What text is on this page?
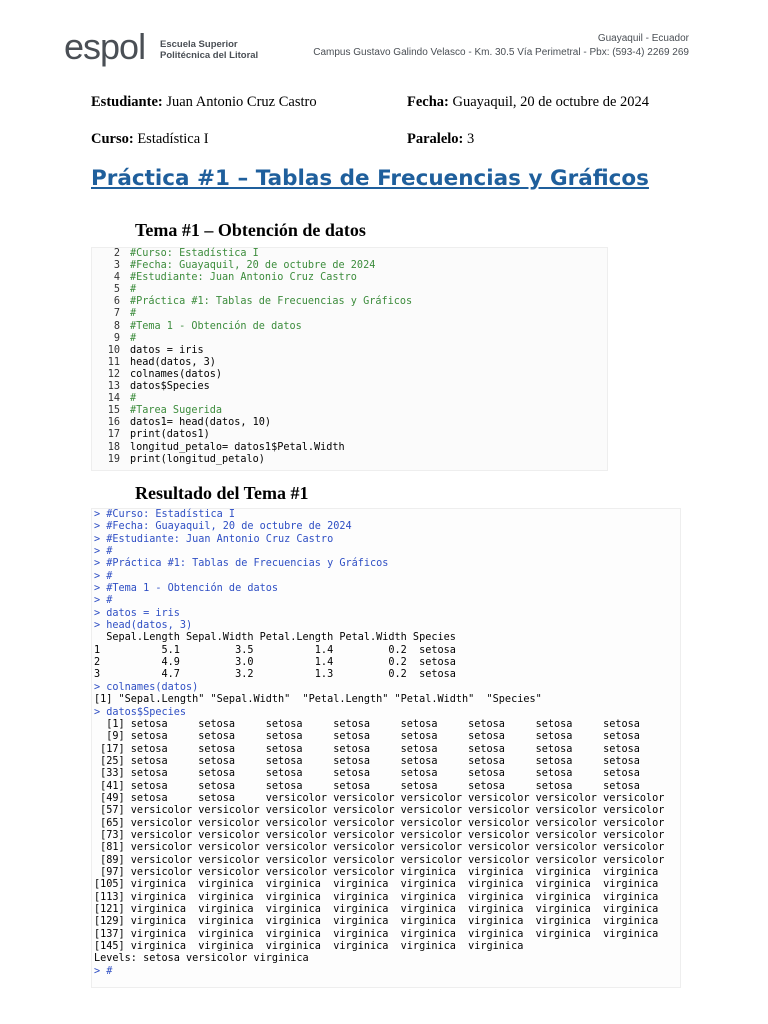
espol Escuela Superior
Politécnica del Litoral
Guayaquil - Ecuador
Campus Gustavo Galindo Velasco - Km. 30.5 Vía Perimetral - Pbx: (593-4) 2269 269
Estudiante: Juan Antonio Cruz Castro	Fecha: Guayaquil, 20 de octubre de 2024
Curso: Estadística I	Paralelo: 3
Práctica #1 – Tablas de Frecuencias y Gráficos
Tema #1 – Obtención de datos
2 #Curso: Estadística I
3 #Fecha: Guayaquil, 20 de octubre de 2024
4 #Estudiante: Juan Antonio Cruz Castro
5 #
6 #Práctica #1: Tablas de Frecuencias y Gráficos
7 #
8 #Tema 1 - Obtención de datos
9 #
10 datos = iris
11 head(datos, 3)
12 colnames(datos)
13 datos$Species
14 #
15 #Tarea Sugerida
16 datos1= head(datos, 10)
17 print(datos1)
18 longitud_petalo= datos1$Petal.Width
19 print(longitud_petalo)
Resultado del Tema #1
> #Curso: Estadística I
> #Fecha: Guayaquil, 20 de octubre de 2024
> #Estudiante: Juan Antonio Cruz Castro
> #
> #Práctica #1: Tablas de Frecuencias y Gráficos
> #
> #Tema 1 - Obtención de datos
> #
> datos = iris
> head(datos, 3)
Sepal.Length Sepal.Width Petal.Length Petal.Width Species
1          5.1         3.5          1.4         0.2  setosa
2          4.9         3.0          1.4         0.2  setosa
3          4.7         3.2          1.3         0.2  setosa
> colnames(datos)
[1] "Sepal.Length" "Sepal.Width"  "Petal.Length" "Petal.Width"  "Species"
> datos$Species
[1] setosa     setosa     setosa     setosa     setosa     setosa     setosa     setosa
[9] setosa     setosa     setosa     setosa     setosa     setosa     setosa     setosa
[17] setosa     setosa     setosa     setosa     setosa     setosa     setosa     setosa
[25] setosa     setosa     setosa     setosa     setosa     setosa     setosa     setosa
[33] setosa     setosa     setosa     setosa     setosa     setosa     setosa     setosa
[41] setosa     setosa     setosa     setosa     setosa     setosa     setosa     setosa
[49] setosa     setosa     versicolor versicolor versicolor versicolor versicolor versicolor
[57] versicolor versicolor versicolor versicolor versicolor versicolor versicolor versicolor
[65] versicolor versicolor versicolor versicolor versicolor versicolor versicolor versicolor
[73] versicolor versicolor versicolor versicolor versicolor versicolor versicolor versicolor
[81] versicolor versicolor versicolor versicolor versicolor versicolor versicolor versicolor
[89] versicolor versicolor versicolor versicolor versicolor versicolor versicolor versicolor
[97] versicolor versicolor versicolor versicolor virginica  virginica  virginica  virginica
[105] virginica  virginica  virginica  virginica  virginica  virginica  virginica  virginica
[113] virginica  virginica  virginica  virginica  virginica  virginica  virginica  virginica
[121] virginica  virginica  virginica  virginica  virginica  virginica  virginica  virginica
[129] virginica  virginica  virginica  virginica  virginica  virginica  virginica  virginica
[137] virginica  virginica  virginica  virginica  virginica  virginica  virginica  virginica
[145] virginica  virginica  virginica  virginica  virginica  virginica
Levels: setosa versicolor virginica
> #
